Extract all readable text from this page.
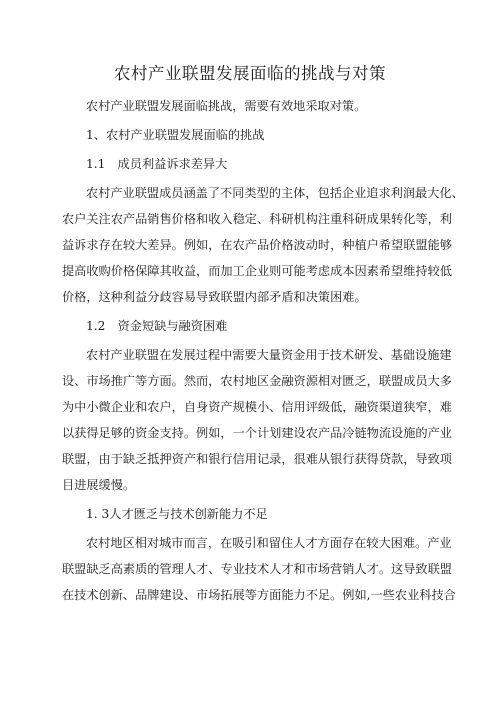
农村产业联盟发展面临的挑战与对策
农村产业联盟发展面临挑战，需要有效地采取对策。
1、农村产业联盟发展面临的挑战
1.1　成员利益诉求差异大
农村产业联盟成员涵盖了不同类型的主体，包括企业追求利润最大化、
农户关注农产品销售价格和收入稳定、科研机构注重科研成果转化等，利
益诉求存在较大差异。例如，在农产品价格波动时，种植户希望联盟能够
提高收购价格保障其收益，而加工企业则可能考虑成本因素希望维持较低
价格，这种利益分歧容易导致联盟内部矛盾和决策困难。
1.2　资金短缺与融资困难
农村产业联盟在发展过程中需要大量资金用于技术研发、基础设施建
设、市场推广等方面。然而，农村地区金融资源相对匮乏，联盟成员大多
为中小微企业和农户，自身资产规模小、信用评级低，融资渠道狭窄，难
以获得足够的资金支持。例如，一个计划建设农产品冷链物流设施的产业
联盟，由于缺乏抵押资产和银行信用记录，很难从银行获得贷款，导致项
目进展缓慢。
1. 3人才匮乏与技术创新能力不足
农村地区相对城市而言，在吸引和留住人才方面存在较大困难。产业
联盟缺乏高素质的管理人才、专业技术人才和市场营销人才。这导致联盟
在技术创新、品牌建设、市场拓展等方面能力不足。例如,一些农业科技合
